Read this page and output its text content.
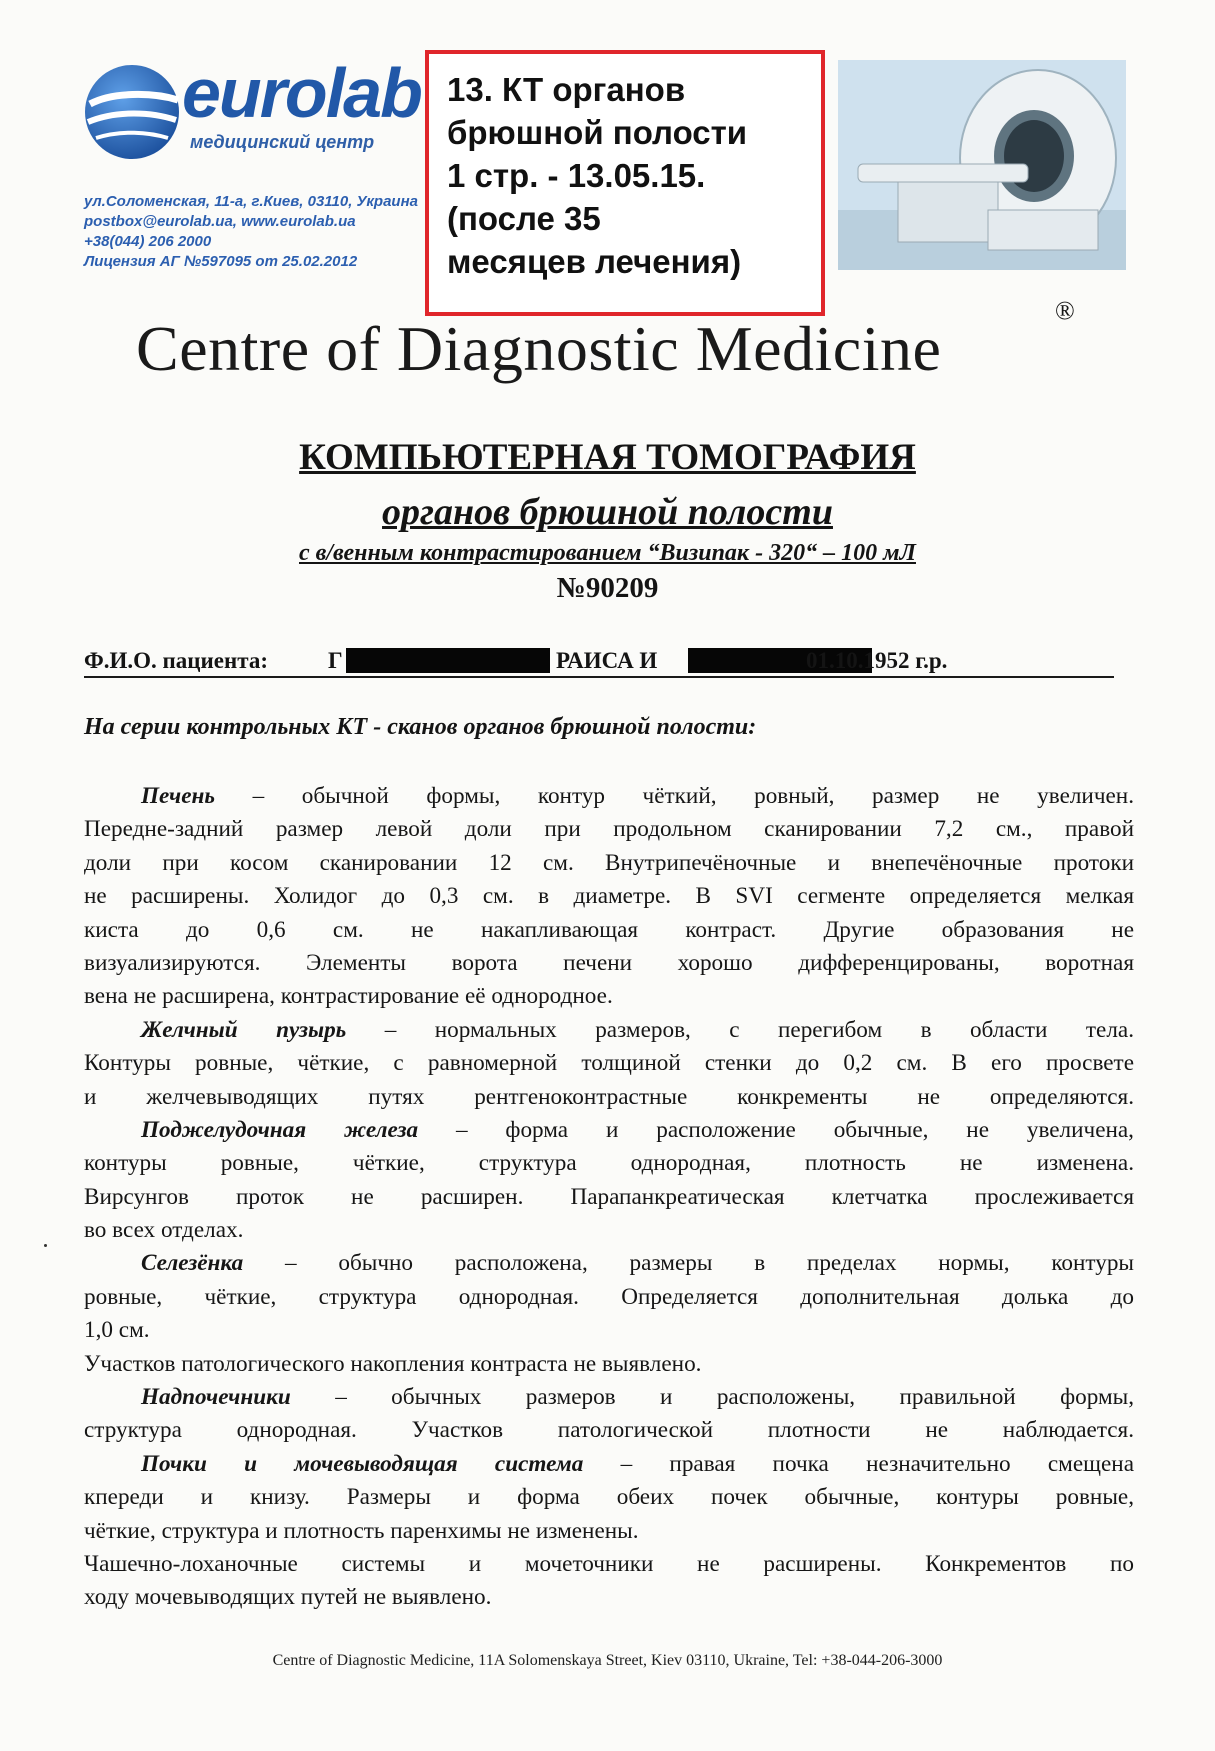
eurolab
медицинский центр
ул.Соломенская, 11-а, г.Киев, 03110, Украина
postbox@eurolab.ua, www.eurolab.ua
+38(044) 206 2000
Лицензия АГ №597095 от 25.02.2012
13. КТ органов
брюшной полости
1 стр. - 13.05.15.
(после 35
месяцев лечения)
Centre of Diagnostic Medicine
®
КОМПЬЮТЕРНАЯ ТОМОГРАФИЯ
органов брюшной полости
с в/венным контрастированием “Визипак - 320“ – 100 мЛ
№90209
Ф.И.О. пациента:	Г	РАИСА И	01.10.1952 г.р.
На серии контрольных КТ - сканов органов брюшной полости:
Печень – обычной формы, контур чёткий, ровный, размер не увеличен.
Передне-задний размер левой доли при продольном сканировании 7,2 см., правой
доли при косом сканировании 12 см. Внутрипечёночные и внепечёночные протоки
не расширены. Холидог до 0,3 см. в диаметре. В SVI сегменте определяется мелкая
киста до 0,6 см. не накапливающая контраст. Другие образования не
визуализируются. Элементы ворота печени хорошо дифференцированы, воротная
вена не расширена, контрастирование её однородное.
Желчный пузырь – нормальных размеров, с перегибом в области тела.
Контуры ровные, чёткие, с равномерной толщиной стенки до 0,2 см. В его просвете
и желчевыводящих путях рентгеноконтрастные конкременты не определяются.
Поджелудочная железа – форма и расположение обычные, не увеличена,
контуры ровные, чёткие, структура однородная, плотность не изменена.
Вирсунгов проток не расширен. Парапанкреатическая клетчатка прослеживается
во всех отделах.
Селезёнка – обычно расположена, размеры в пределах нормы, контуры
ровные, чёткие, структура однородная. Определяется дополнительная долька до
1,0 см.
Участков патологического накопления контраста не выявлено.
Надпочечники – обычных размеров и расположены, правильной формы,
структура однородная. Участков патологической плотности не наблюдается.
Почки и мочевыводящая система – правая почка незначительно смещена
кпереди и книзу. Размеры и форма обеих почек обычные, контуры ровные,
чёткие, структура и плотность паренхимы не изменены.
Чашечно-лоханочные системы и мочеточники не расширены. Конкрементов по
ходу мочевыводящих путей не выявлено.
Centre of Diagnostic Medicine, 11A Solomenskaya Street, Kiev 03110, Ukraine, Tel: +38-044-206-3000
